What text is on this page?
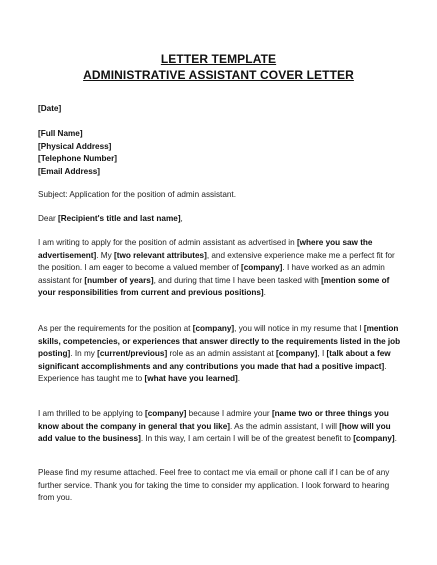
LETTER TEMPLATE
ADMINISTRATIVE ASSISTANT COVER LETTER
[Date]
[Full Name]
[Physical Address]
[Telephone Number]
[Email Address]

Subject: Application for the position of admin assistant.

Dear [Recipient's title and last name],

I am writing to apply for the position of admin assistant as advertised in [where you saw the advertisement]. My [two relevant attributes], and extensive experience make me a perfect fit for the position. I am eager to become a valued member of [company]. I have worked as an admin assistant for [number of years], and during that time I have been tasked with [mention some of your responsibilities from current and previous positions].

As per the requirements for the position at [company], you will notice in my resume that I [mention skills, competencies, or experiences that answer directly to the requirements listed in the job posting]. In my [current/previous] role as an admin assistant at [company], I [talk about a few significant accomplishments and any contributions you made that had a positive impact]. Experience has taught me to [what have you learned].

I am thrilled to be applying to [company] because I admire your [name two or three things you know about the company in general that you like]. As the admin assistant, I will [how will you add value to the business]. In this way, I am certain I will be of the greatest benefit to [company].

Please find my resume attached. Feel free to contact me via email or phone call if I can be of any further service. Thank you for taking the time to consider my application. I look forward to hearing from you.
